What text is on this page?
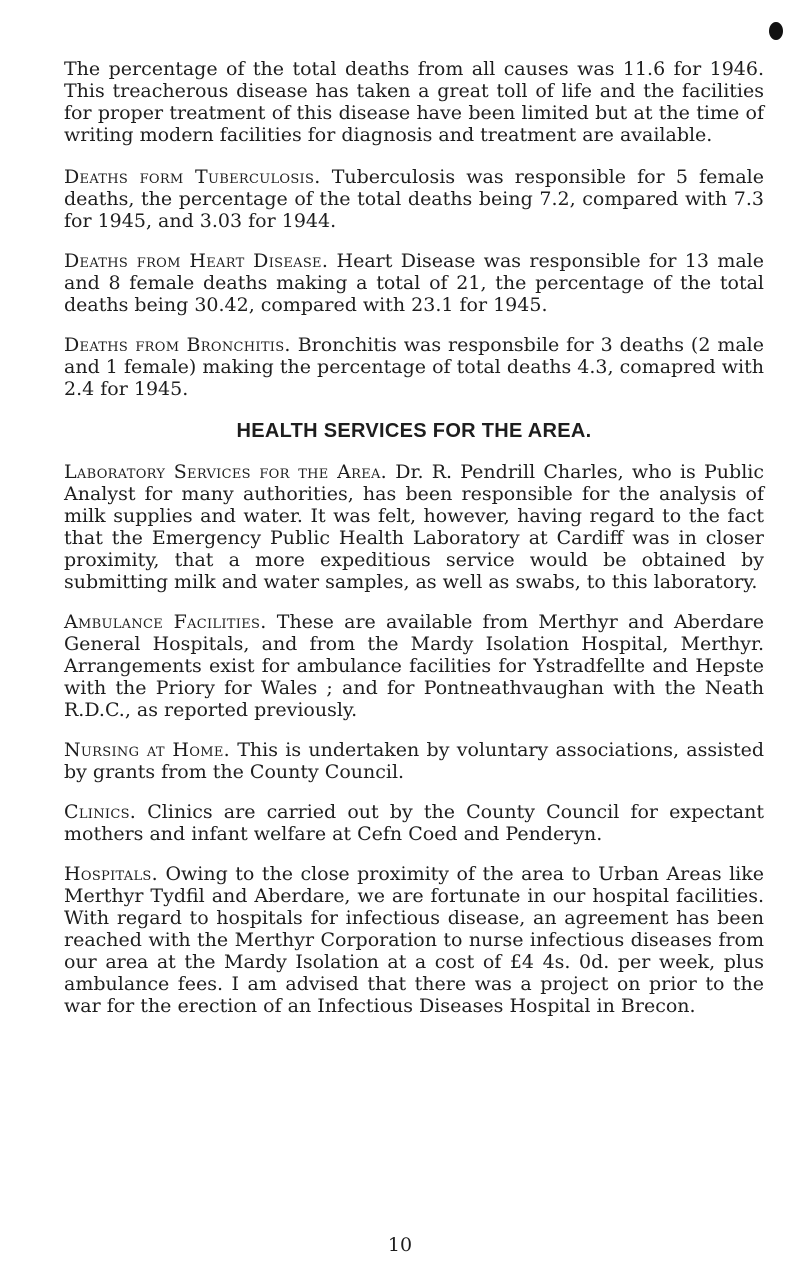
The percentage of the total deaths from all causes was 11.6 for 1946. This treacherous disease has taken a great toll of life and the facilities for proper treatment of this disease have been limited but at the time of writing modern facilities for diagnosis and treatment are available.

Deaths form Tuberculosis. Tuberculosis was responsible for 5 female deaths, the percentage of the total deaths being 7.2, compared with 7.3 for 1945, and 3.03 for 1944.

Deaths from Heart Disease. Heart Disease was responsible for 13 male and 8 female deaths making a total of 21, the percentage of the total deaths being 30.42, compared with 23.1 for 1945.

Deaths from Bronchitis. Bronchitis was responsbile for 3 deaths (2 male and 1 female) making the percentage of total deaths 4.3, comapred with 2.4 for 1945.

HEALTH SERVICES FOR THE AREA.

Laboratory Services for the Area. Dr. R. Pendrill Charles, who is Public Analyst for many authorities, has been responsible for the analysis of milk supplies and water. It was felt, however, having regard to the fact that the Emergency Public Health Laboratory at Cardiff was in closer proximity, that a more expeditious service would be obtained by submitting milk and water samples, as well as swabs, to this laboratory.

Ambulance Facilities. These are available from Merthyr and Aberdare General Hospitals, and from the Mardy Isolation Hospital, Merthyr. Arrangements exist for ambulance facilities for Ystradfellte and Hepste with the Priory for Wales ; and for Pontneathvaughan with the Neath R.D.C., as reported previously.

Nursing at Home. This is undertaken by voluntary associations, assisted by grants from the County Council.

Clinics. Clinics are carried out by the County Council for expectant mothers and infant welfare at Cefn Coed and Penderyn.

Hospitals. Owing to the close proximity of the area to Urban Areas like Merthyr Tydfil and Aberdare, we are fortunate in our hospital facilities. With regard to hospitals for infectious disease, an agreement has been reached with the Merthyr Corporation to nurse infectious diseases from our area at the Mardy Isolation at a cost of £4 4s. 0d. per week, plus ambulance fees. I am advised that there was a project on prior to the war for the erection of an Infectious Diseases Hospital in Brecon.

10
